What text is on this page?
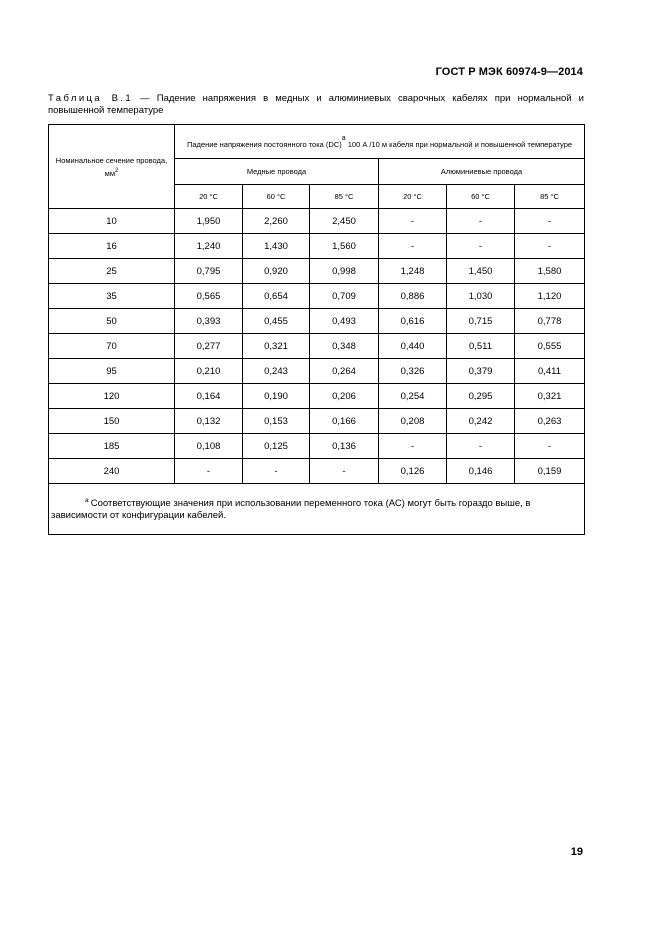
ГОСТ Р МЭК 60974-9—2014
Таблица В.1 — Падение напряжения в медных и алюминиевых сварочных кабелях при нормальной и повышенной температуре
Номинальное сечение провода,
$мм^2$	Падение напряжения постоянного тока (DC)a 100 А /10 м кабеля при нормальной и повышенной температуре					
	Медные провода			Алюминиевые провода		
	20 °С	60 °С	85 °С	20 °С	60 °С	85 °С
10	1,950	2,260	2,450	-	-	-
16	1,240	1,430	1,560	-	-	-
25	0,795	0,920	0,998	1,248	1,450	1,580
35	0,565	0,654	0,709	0,886	1,030	1,120
50	0,393	0,455	0,493	0,616	0,715	0,778
70	0,277	0,321	0,348	0,440	0,511	0,555
95	0,210	0,243	0,264	0,326	0,379	0,411
120	0,164	0,190	0,206	0,254	0,295	0,321
150	0,132	0,153	0,166	0,208	0,242	0,263
185	0,108	0,125	0,136	-	-	-
240	-	-	-	0,126	0,146	0,159
$^а$ Соответствующие значения при использовании переменного тока (АС) могут быть гораздо выше, в зависимости от конфигурации кабелей.						
19
